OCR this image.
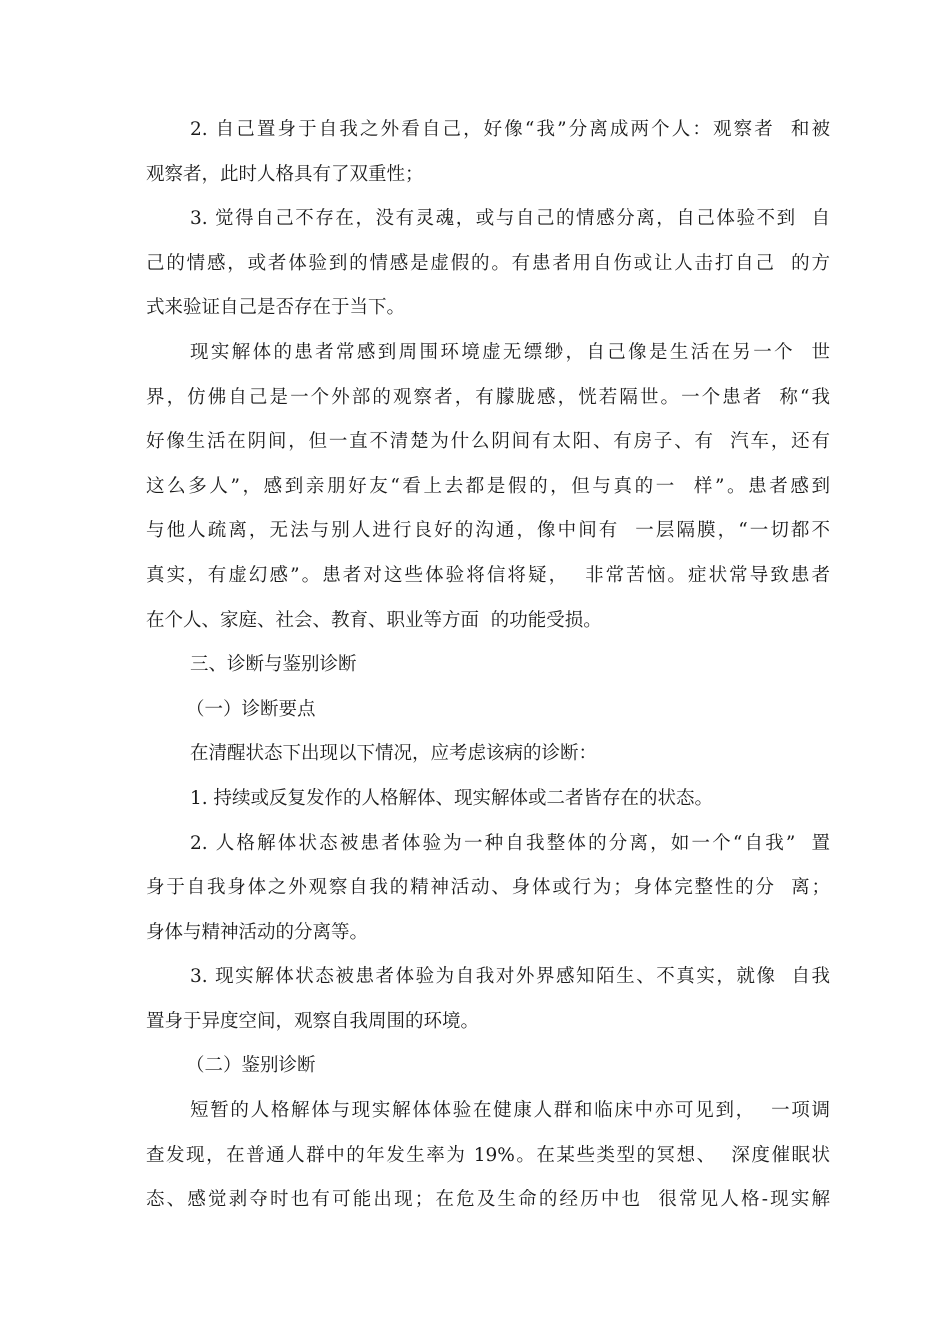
2. 自己置身于自我之外看自己，好像“我”分离成两个人：观察者  和被
观察者，此时人格具有了双重性；
3. 觉得自己不存在，没有灵魂，或与自己的情感分离，自己体验不到  自
己的情感，或者体验到的情感是虚假的。有患者用自伤或让人击打自己  的方
式来验证自己是否存在于当下。
现实解体的患者常感到周围环境虚无缥缈，自己像是生活在另一个  世
界，仿佛自己是一个外部的观察者，有朦胧感，恍若隔世。一个患者  称“我
好像生活在阴间，但一直不清楚为什么阴间有太阳、有房子、有  汽车，还有
这么多人”，感到亲朋好友“看上去都是假的，但与真的一  样”。患者感到
与他人疏离，无法与别人进行良好的沟通，像中间有  一层隔膜，“一切都不
真实，有虚幻感”。患者对这些体验将信将疑，  非常苦恼。症状常导致患者
在个人、家庭、社会、教育、职业等方面  的功能受损。
三、诊断与鉴别诊断
（一）诊断要点
在清醒状态下出现以下情况，应考虑该病的诊断：
1. 持续或反复发作的人格解体、现实解体或二者皆存在的状态。
2. 人格解体状态被患者体验为一种自我整体的分离，如一个“自我”  置
身于自我身体之外观察自我的精神活动、身体或行为；身体完整性的分  离；
身体与精神活动的分离等。
3. 现实解体状态被患者体验为自我对外界感知陌生、不真实，就像  自我
置身于异度空间，观察自我周围的环境。
（二）鉴别诊断
短暂的人格解体与现实解体体验在健康人群和临床中亦可见到，  一项调
查发现，在普通人群中的年发生率为 19%。在某些类型的冥想、  深度催眠状
态、感觉剥夺时也有可能出现；在危及生命的经历中也  很常见人格-现实解
